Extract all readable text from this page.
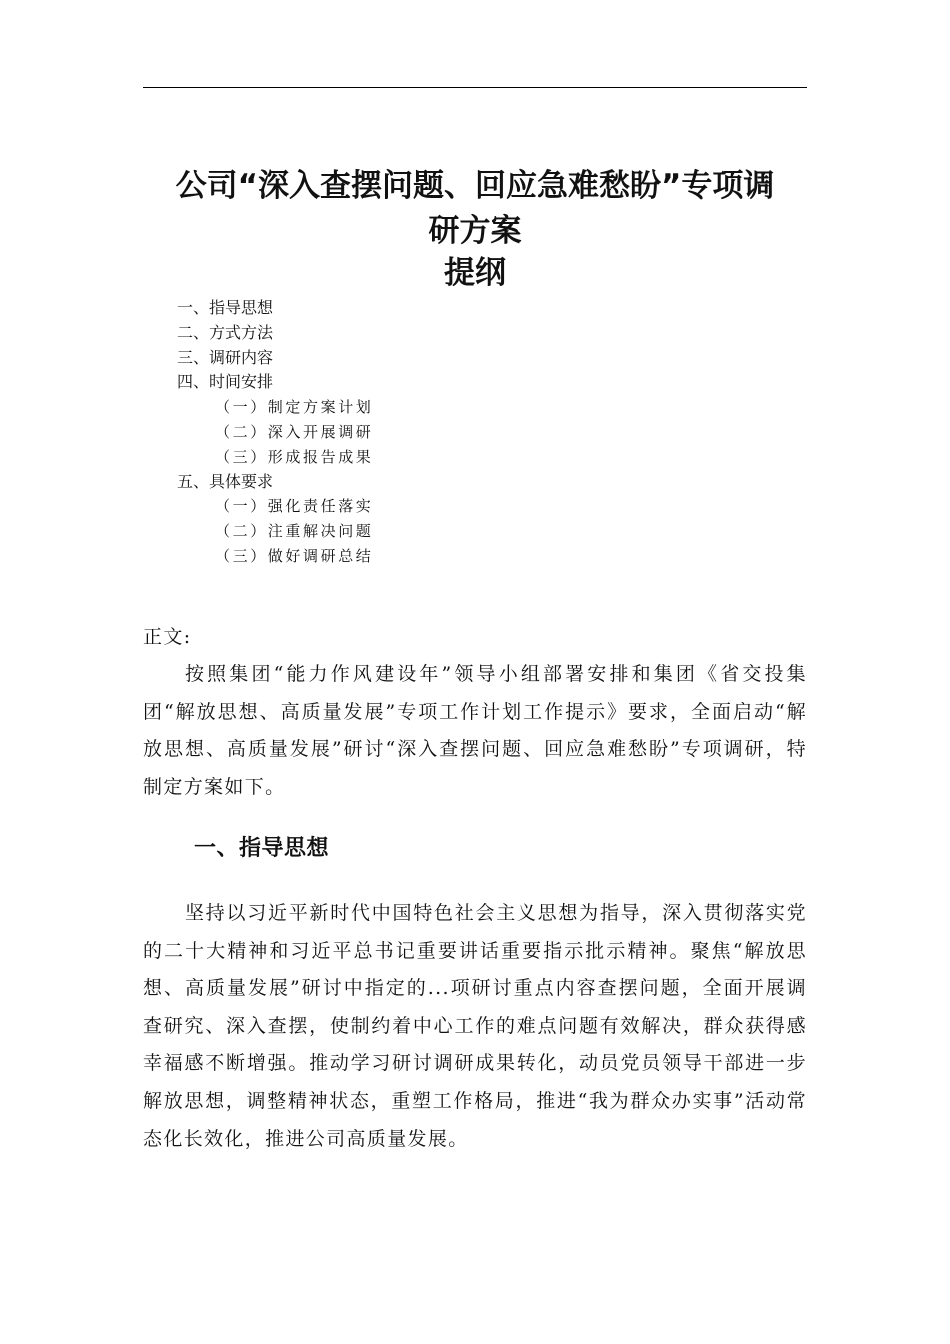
公司“深入查摆问题、回应急难愁盼”专项调
研方案
提纲
一、指导思想
二、方式方法
三、调研内容
四、时间安排
（一）制定方案计划
（二）深入开展调研
（三）形成报告成果
五、具体要求
（一）强化责任落实
（二）注重解决问题
（三）做好调研总结

正文:

按照集团“能力作风建设年”领导小组部署安排和集团《省交投集团“解放思想、高质量发展”专项工作计划工作提示》要求，全面启动“解放思想、高质量发展”研讨“深入查摆问题、回应急难愁盼”专项调研，特制定方案如下。

一、指导思想

坚持以习近平新时代中国特色社会主义思想为指导，深入贯彻落实党的二十大精神和习近平总书记重要讲话重要指示批示精神。聚焦“解放思想、高质量发展”研讨中指定的...项研讨重点内容查摆问题，全面开展调查研究、深入查摆，使制约着中心工作的难点问题有效解决，群众获得感幸福感不断增强。推动学习研讨调研成果转化，动员党员领导干部进一步解放思想，调整精神状态，重塑工作格局，推进“我为群众办实事”活动常态化长效化，推进公司高质量发展。
